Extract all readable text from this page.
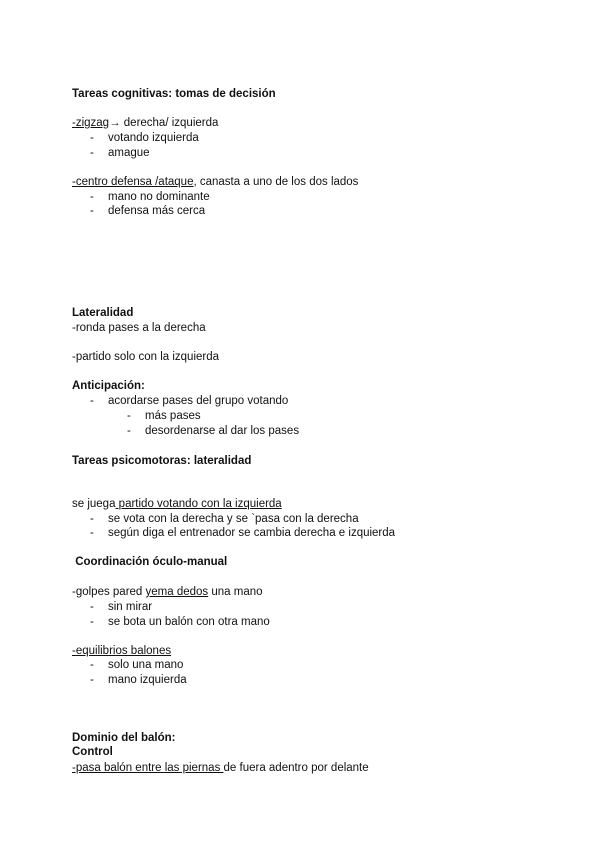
Tareas cognitivas: tomas de decisión
-zigzag→ derecha/ izquierda
- votando izquierda
- amague
-centro defensa /ataque, canasta a uno de los dos lados
- mano no dominante
- defensa más cerca
Lateralidad
-ronda pases a la derecha
-partido solo con la izquierda
Anticipación:
- acordarse pases del grupo votando
- más pases
- desordenarse al dar los pases
Tareas psicomotoras: lateralidad
se juega partido votando con la izquierda
- se vota con la derecha y se `pasa con la derecha
- según diga el entrenador se cambia derecha e izquierda
Coordinación óculo-manual
-golpes pared yema dedos una mano
- sin mirar
- se bota un balón con otra mano
-equilibrios balones
- solo una mano
- mano izquierda
Dominio del balón:
Control
-pasa balón entre las piernas de fuera adentro por delante
